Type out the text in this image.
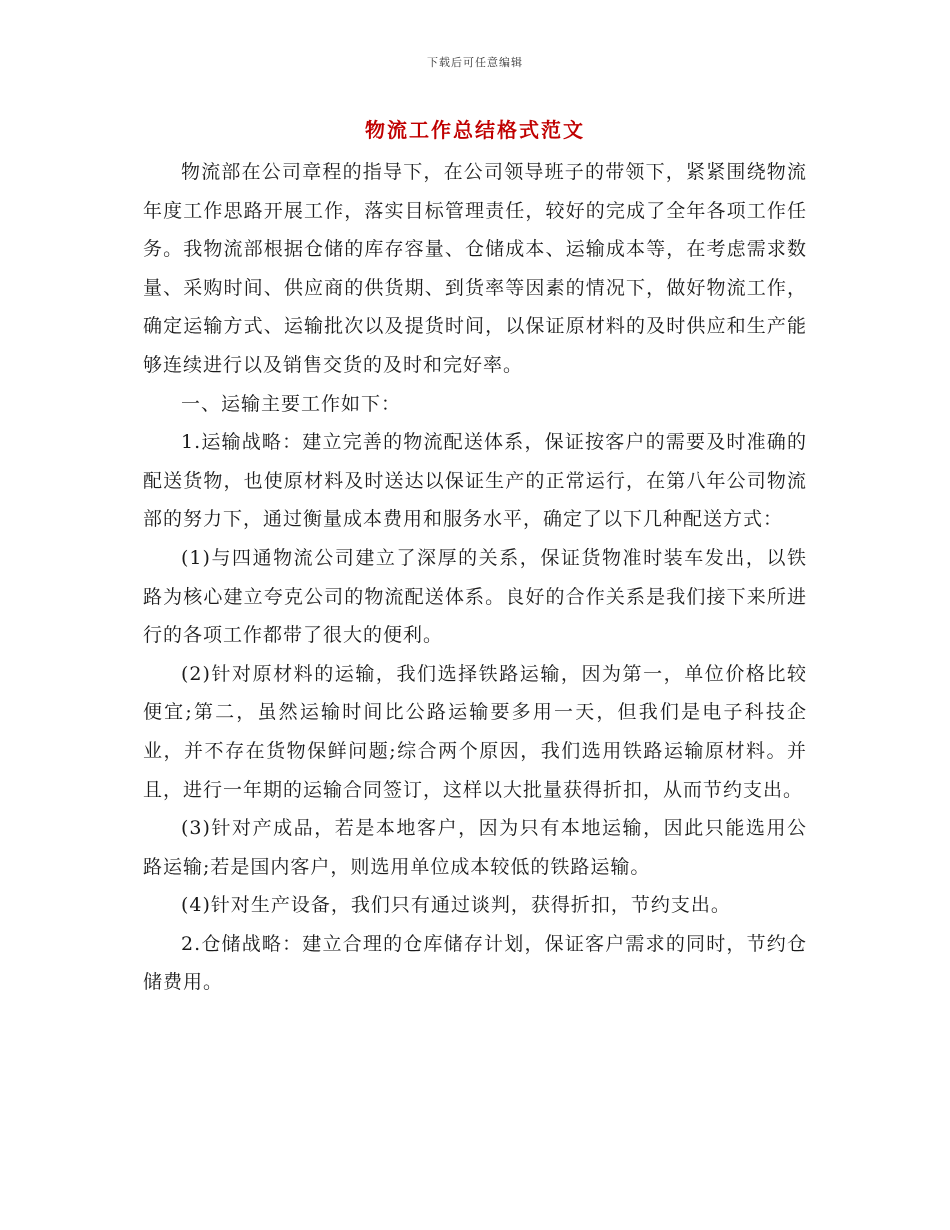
下载后可任意编辑
物流工作总结格式范文

物流部在公司章程的指导下，在公司领导班子的带领下，紧紧围绕物流年度工作思路开展工作，落实目标管理责任，较好的完成了全年各项工作任务。我物流部根据仓储的库存容量、仓储成本、运输成本等，在考虑需求数量、采购时间、供应商的供货期、到货率等因素的情况下，做好物流工作，确定运输方式、运输批次以及提货时间，以保证原材料的及时供应和生产能够连续进行以及销售交货的及时和完好率。

一、运输主要工作如下：

1.运输战略：建立完善的物流配送体系，保证按客户的需要及时准确的配送货物，也使原材料及时送达以保证生产的正常运行，在第八年公司物流部的努力下，通过衡量成本费用和服务水平，确定了以下几种配送方式：

(1)与四通物流公司建立了深厚的关系，保证货物准时装车发出，以铁路为核心建立夸克公司的物流配送体系。良好的合作关系是我们接下来所进行的各项工作都带了很大的便利。

(2)针对原材料的运输，我们选择铁路运输，因为第一，单位价格比较便宜;第二，虽然运输时间比公路运输要多用一天，但我们是电子科技企业，并不存在货物保鲜问题;综合两个原因，我们选用铁路运输原材料。并且，进行一年期的运输合同签订，这样以大批量获得折扣，从而节约支出。

(3)针对产成品，若是本地客户，因为只有本地运输，因此只能选用公路运输;若是国内客户，则选用单位成本较低的铁路运输。

(4)针对生产设备，我们只有通过谈判，获得折扣，节约支出。

2.仓储战略：建立合理的仓库储存计划，保证客户需求的同时，节约仓储费用。
